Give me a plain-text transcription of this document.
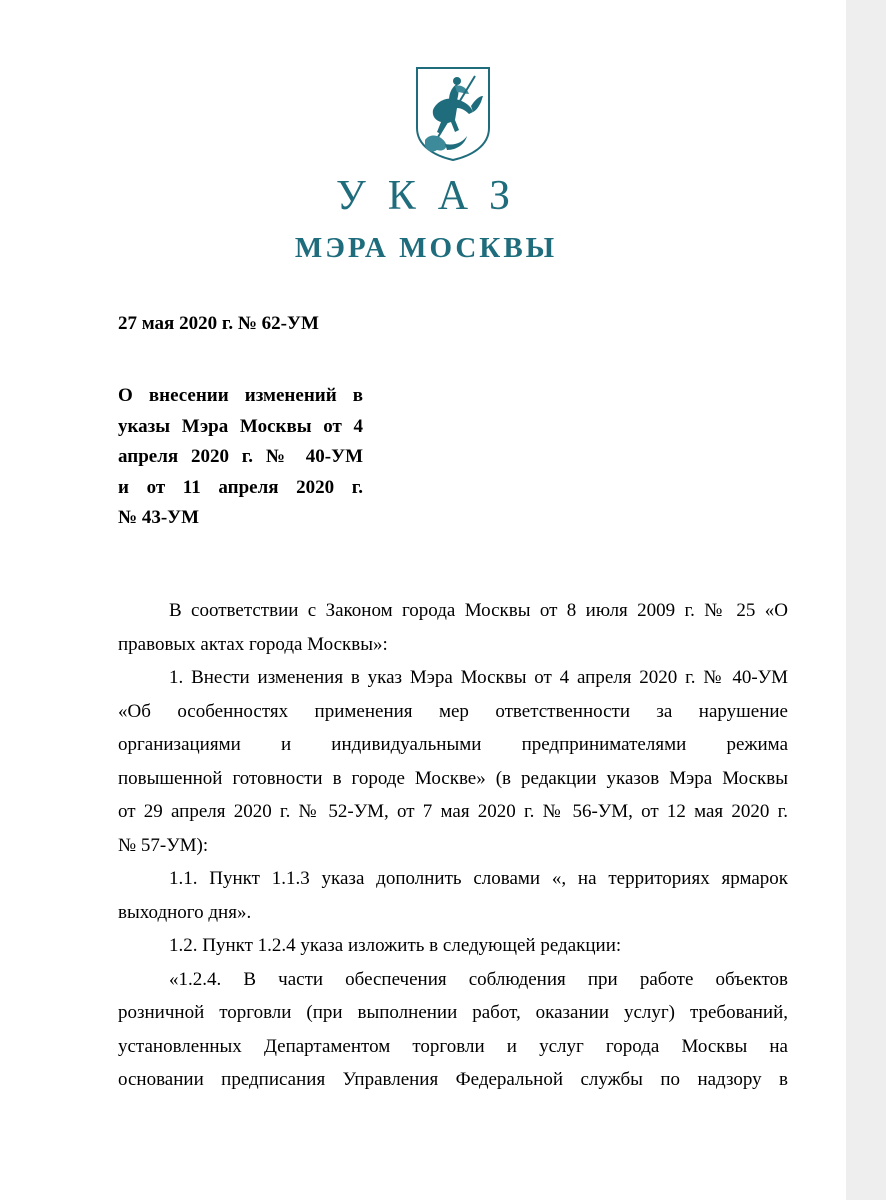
УКАЗ
МЭРА МОСКВЫ
27 мая 2020 г. № 62-УМ
О внесении изменений в
указы Мэра Москвы от 4
апреля 2020 г. № 40-УМ
и от 11 апреля 2020 г.
№ 43-УМ
В соответствии с Законом города Москвы от 8 июля 2009 г. № 25 «О
правовых актах города Москвы»:
1. Внести изменения в указ Мэра Москвы от 4 апреля 2020 г. № 40-УМ
«Об особенностях применения мер ответственности за нарушение
организациями и индивидуальными предпринимателями режима
повышенной готовности в городе Москве» (в редакции указов Мэра Москвы
от 29 апреля 2020 г. № 52-УМ, от 7 мая 2020 г. № 56-УМ, от 12 мая 2020 г.
№ 57-УМ):
1.1. Пункт 1.1.3 указа дополнить словами «, на территориях ярмарок
выходного дня».
1.2. Пункт 1.2.4 указа изложить в следующей редакции:
«1.2.4. В части обеспечения соблюдения при работе объектов
розничной торговли (при выполнении работ, оказании услуг) требований,
установленных Департаментом торговли и услуг города Москвы на
основании предписания Управления Федеральной службы по надзору в
